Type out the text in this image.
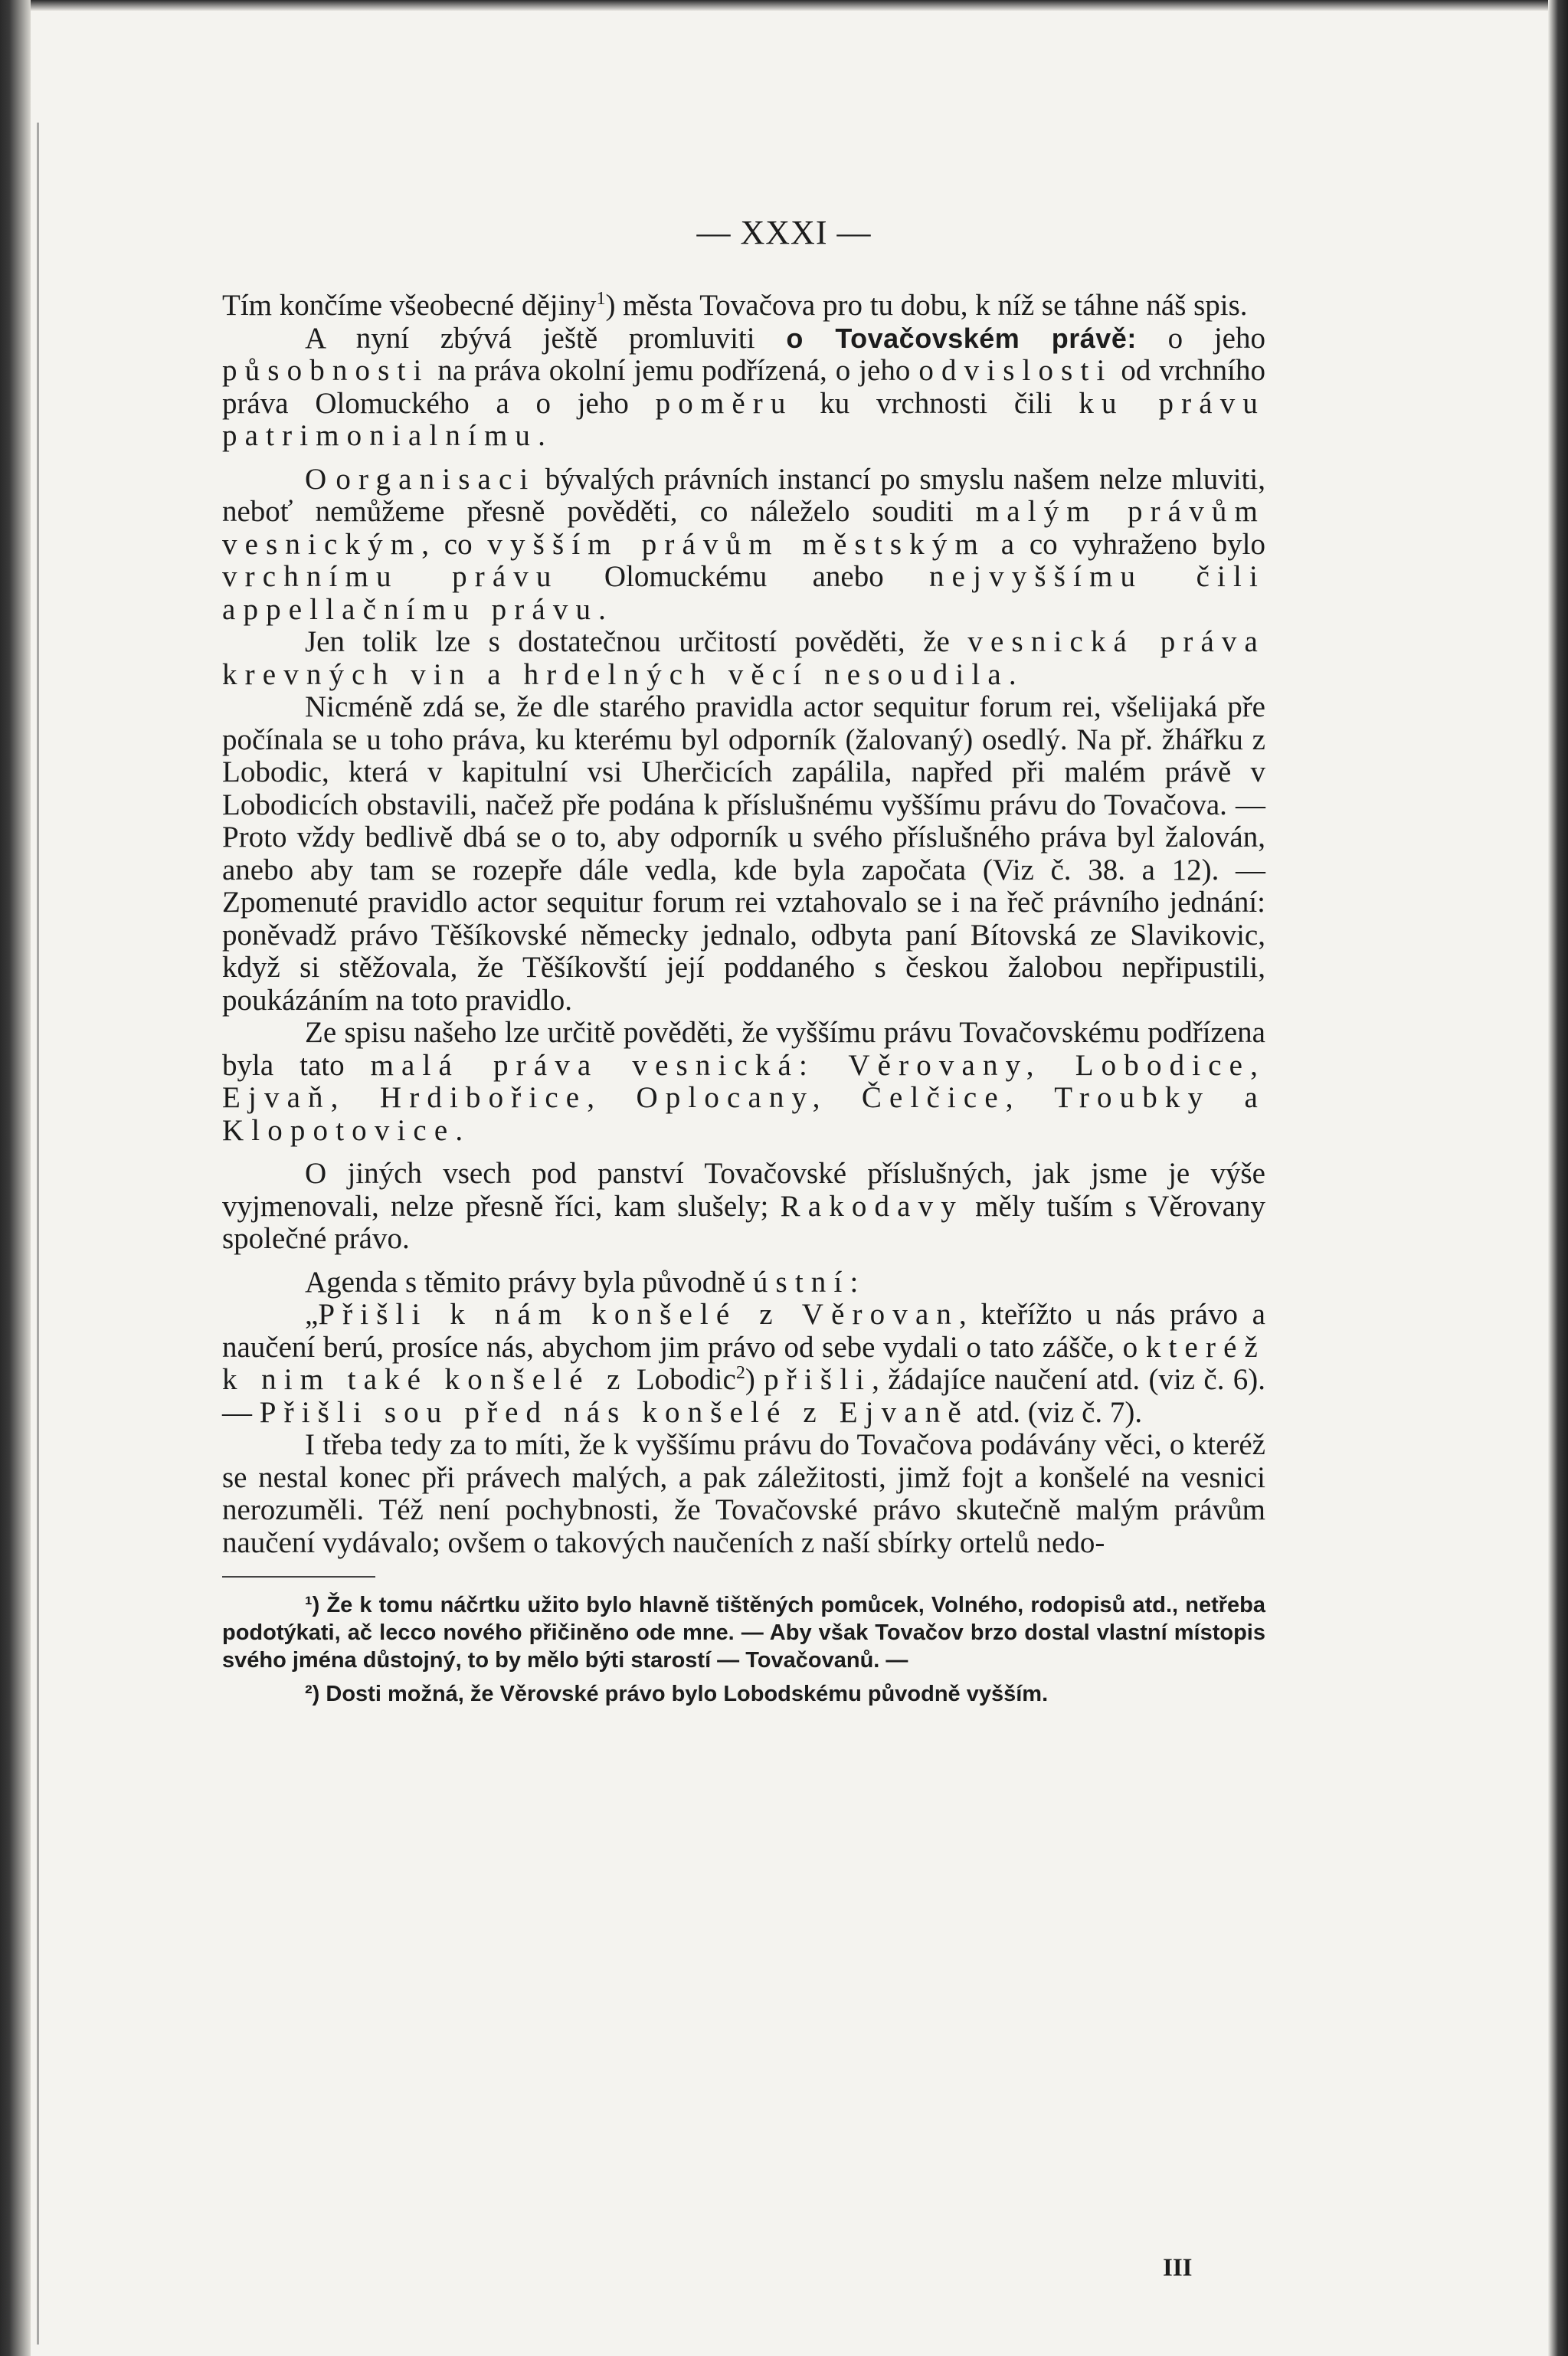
— XXXI —

Tím končíme všeobecné dějiny$^1$) města Tovačova pro tu dobu, k níž se táhne náš spis.

A nyní zbývá ještě promluviti o Tovačovském právě: o jeho působnosti na práva okolní jemu podřízená, o jeho odvislosti od vrchního práva Olomuckého a o jeho poměru ku vrchnosti čili ku právu patrimonialnímu.

O organisaci bývalých právních instancí po smyslu našem nelze mluviti, neboť nemůžeme přesně pověděti, co náleželo souditi malým právům vesnickým, co vyšším právům městským a co vyhraženo bylo vrchnímu právu Olomuckému anebo nejvyššímu čili appellačnímu právu.

Jen tolik lze s dostatečnou určitostí pověděti, že vesnická práva krevných vin a hrdelných věcí nesoudila.

Nicméně zdá se, že dle starého pravidla actor sequitur forum rei, všelijaká pře počínala se u toho práva, ku kterému byl odporník (žalovaný) osedlý. Na př. žhářku z Lobodic, která v kapitulní vsi Uherčicích zapálila, napřed při malém právě v Lobodicích obstavili, načež pře podána k příslušnému vyššímu právu do Tovačova. — Proto vždy bedlivě dbá se o to, aby odporník u svého příslušného práva byl žalován, anebo aby tam se rozepře dále vedla, kde byla započata (Viz č. 38. a 12). — Zpomenuté pravidlo actor sequitur forum rei vztahovalo se i na řeč právního jednání: poněvadž právo Těšíkovské německy jednalo, odbyta paní Bítovská ze Slavikovic, když si stěžovala, že Těšíkovští její poddaného s českou žalobou nepřipustili, poukázáním na toto pravidlo.

Ze spisu našeho lze určitě pověděti, že vyššímu právu Tovačovskému podřízena byla tato malá práva vesnická: Věrovany, Lobodice, Ejvaň, Hrdibořice, Oplocany, Čelčice, Troubky a Klopotovice.

O jiných vsech pod panství Tovačovské příslušných, jak jsme je výše vyjmenovali, nelze přesně říci, kam slušely; Rakodavy měly tuším s Věrovany společné právo.

Agenda s těmito právy byla původně ústní:

„Přišli k nám konšelé z Věrovan, kteřížto u nás právo a naučení berú, prosíce nás, abychom jim právo od sebe vydali o tato zášče, o kteréž k nim také konšelé z Lobodic$^2$) přišli, žádajíce naučení atd. (viz č. 6). — Přišli sou před nás konšelé z Ejvaně atd. (viz č. 7).

I třeba tedy za to míti, že k vyššímu právu do Tovačova podávány věci, o kteréž se nestal konec při právech malých, a pak záležitosti, jimž fojt a konšelé na vesnici nerozuměli. Též není pochybnosti, že Tovačovské právo skutečně malým právům naučení vydávalo; ovšem o takových naučeních z naší sbírky ortelů nedo-

¹) Že k tomu náčrtku užito bylo hlavně tištěných pomůcek, Volného, rodopisů atd., netřeba podotýkati, ač lecco nového přičiněno ode mne. — Aby však Tovačov brzo dostal vlastní místopis svého jména důstojný, to by mělo býti starostí — Tovačovanů. —

²) Dosti možná, že Věrovské právo bylo Lobodskému původně vyšším.

III
